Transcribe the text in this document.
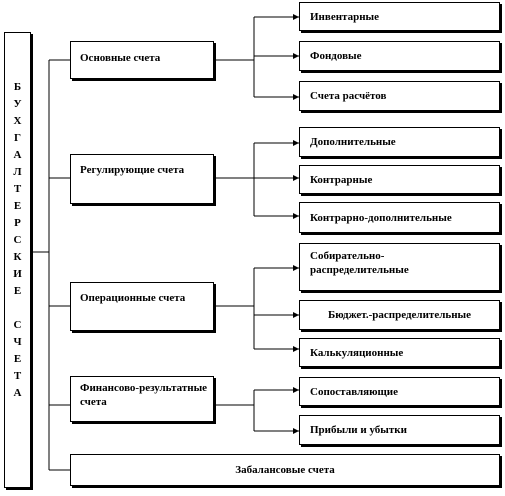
Б
У
Х
Г
А
Л
Т
Е
Р
С
К
И
Е
С
Ч
Е
Т
А
Основные счета
Регулирующие счета
Операционные счета
Финансово-результатные счета
Забалансовые счета
Инвентарные
Фондовые
Счета расчётов
Дополнительные
Контрарные
Контрарно-дополнительные
Собирательно-распределительные
Бюджет.-распределительные
Калькуляционные
Сопоставляющие
Прибыли и убытки
